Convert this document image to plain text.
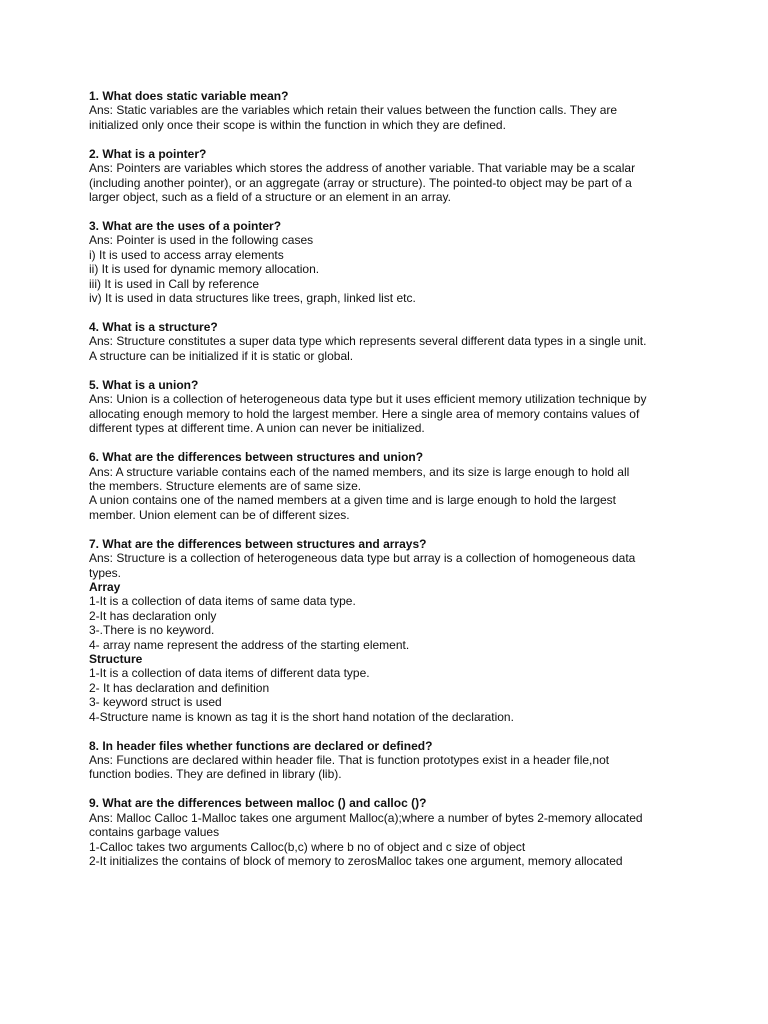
1. What does static variable mean?
Ans: Static variables are the variables which retain their values between the function calls. They are
initialized only once their scope is within the function in which they are defined.
2. What is a pointer?
Ans: Pointers are variables which stores the address of another variable. That variable may be a scalar
(including another pointer), or an aggregate (array or structure). The pointed-to object may be part of a
larger object, such as a field of a structure or an element in an array.
3. What are the uses of a pointer?
Ans: Pointer is used in the following cases
i) It is used to access array elements
ii) It is used for dynamic memory allocation.
iii) It is used in Call by reference
iv) It is used in data structures like trees, graph, linked list etc.
4. What is a structure?
Ans: Structure constitutes a super data type which represents several different data types in a single unit.
A structure can be initialized if it is static or global.
5. What is a union?
Ans: Union is a collection of heterogeneous data type but it uses efficient memory utilization technique by
allocating enough memory to hold the largest member. Here a single area of memory contains values of
different types at different time. A union can never be initialized.
6. What are the differences between structures and union?
Ans: A structure variable contains each of the named members, and its size is large enough to hold all
the members. Structure elements are of same size.
A union contains one of the named members at a given time and is large enough to hold the largest
member. Union element can be of different sizes.
7. What are the differences between structures and arrays?
Ans: Structure is a collection of heterogeneous data type but array is a collection of homogeneous data
types.
Array
1-It is a collection of data items of same data type.
2-It has declaration only
3-.There is no keyword.
4- array name represent the address of the starting element.
Structure
1-It is a collection of data items of different data type.
2- It has declaration and definition
3- keyword struct is used
4-Structure name is known as tag it is the short hand notation of the declaration.
8. In header files whether functions are declared or defined?
Ans: Functions are declared within header file. That is function prototypes exist in a header file,not
function bodies. They are defined in library (lib).
9. What are the differences between malloc () and calloc ()?
Ans: Malloc Calloc 1-Malloc takes one argument Malloc(a);where a number of bytes 2-memory allocated
contains garbage values
1-Calloc takes two arguments Calloc(b,c) where b no of object and c size of object
2-It initializes the contains of block of memory to zerosMalloc takes one argument, memory allocated
